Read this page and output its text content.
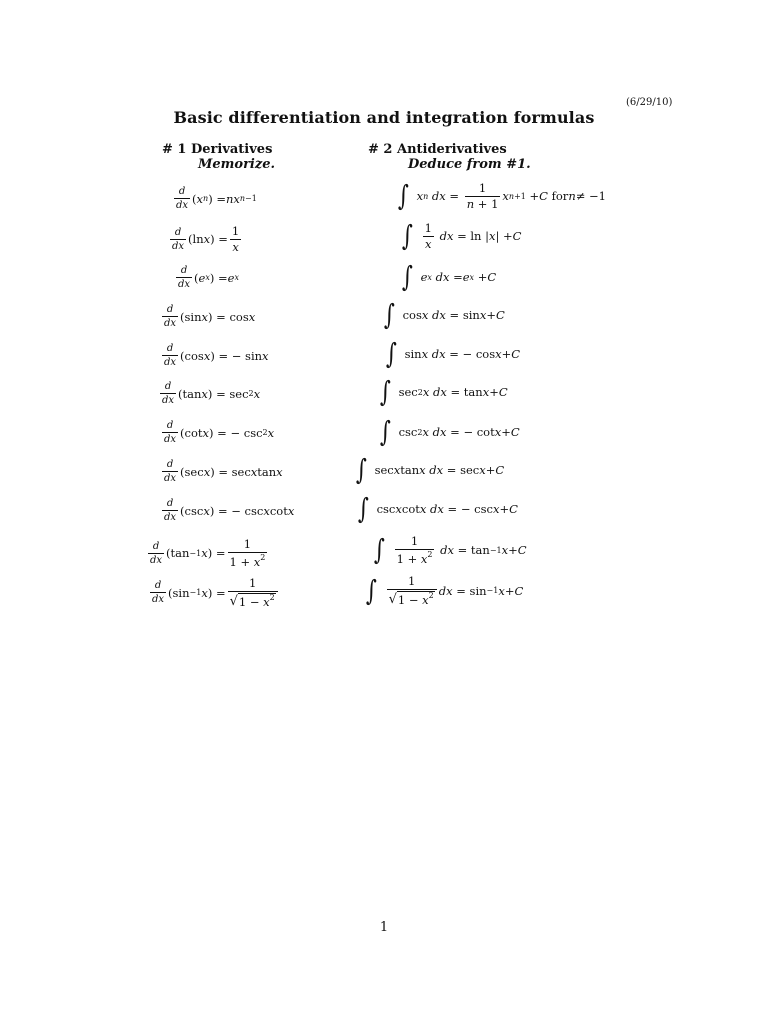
(6/29/10)
Basic differentiation and integration formulas
# 1 Derivatives
Memorize.
# 2 Antiderivatives
Deduce from #1.
$\frac{d}{dx}$ ( x n ) = nx n −1
$\frac{d}{dx} (\ln$ x ) = $\frac{1}{x}$
$\frac{d}{dx}$ ( e x ) = e x
$\frac{d}{dx} (\sin$ x ) = cos x
$\frac{d}{dx} (\cos$ x ) = − sin x
$\frac{d}{dx} (\tan$ x ) = sec 2 x
$\frac{d}{dx} (\cot$ x ) = − csc 2 x
$\frac{d}{dx} (\sec$ x ) = sec x tan x
$\frac{d}{dx} (\csc$ x ) = − csc x cot x
$\frac{d}{dx} (\tan -1$ x ) = $\frac{1}{1 + x^2}$
$\frac{d}{dx} (\sin -1$ x ) = $\frac{1}{√ 1 - x^2}$
∫ x n
dx = $\frac{1}{n + 1}$ x n+1 + C for n ≠ −1
∫ $\frac{1}{x}$
dx = ln | x | + C
∫ e x
dx = e x + C
∫ cos x
dx = sin x + C
∫ sin x
dx = − cos x + C
∫ sec 2 x
dx = tan x + C
∫ csc 2 x
dx = − cot x + C
∫ sec x tan x
dx = sec x + C
∫ csc x cot x
dx = − csc x + C
∫ $\frac{1}{1 + x^2}$
dx = tan −1 x + C
∫ $\frac{1}{√ 1 - x^2}$ dx = sin −1 x + C
1
